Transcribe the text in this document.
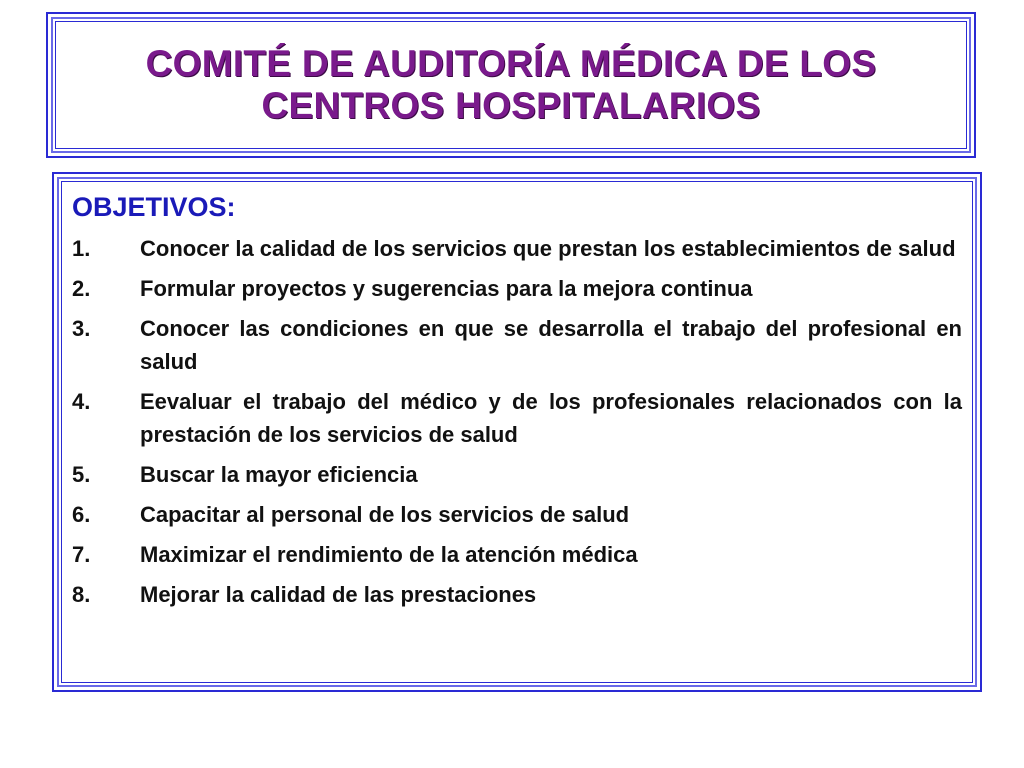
COMITÉ DE AUDITORÍA MÉDICA DE LOS
CENTROS HOSPITALARIOS
OBJETIVOS:
1.	Conocer la calidad de los servicios que prestan los establecimientos de salud
2.	Formular proyectos y sugerencias para la mejora continua
3.	Conocer las condiciones en que se desarrolla el trabajo del profesional en salud
4.	Eevaluar el trabajo del médico y de los profesionales relacionados con la prestación de los servicios de salud
5.	Buscar la mayor eficiencia
6.	Capacitar al personal de los servicios de salud
7.	Maximizar el rendimiento de la atención médica
8.	Mejorar la calidad de las prestaciones
